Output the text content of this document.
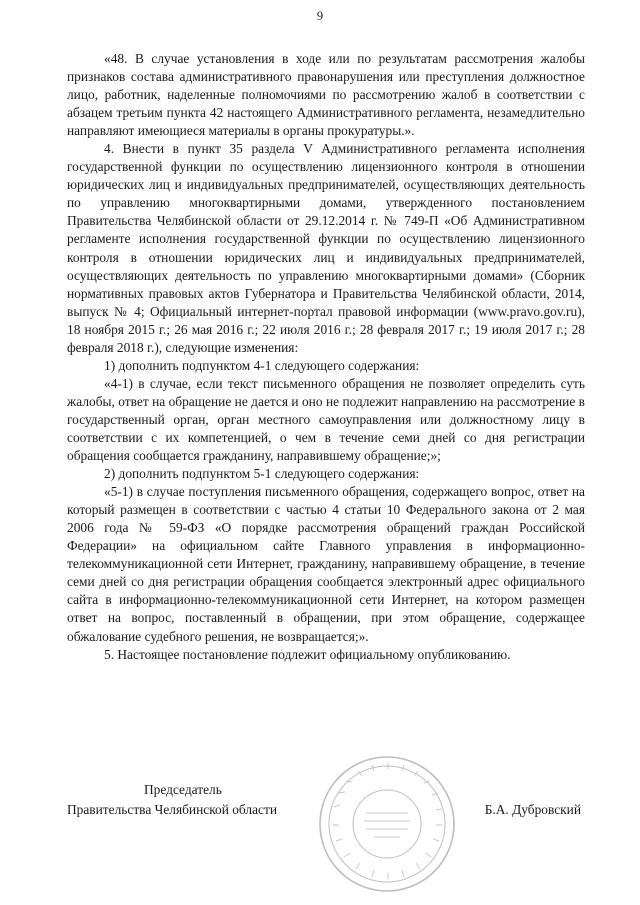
9

«48. В случае установления в ходе или по результатам рассмотрения жалобы признаков состава административного правонарушения или преступления должностное лицо, работник, наделенные полномочиями по рассмотрению жалоб в соответствии с абзацем третьим пункта 42 настоящего Административного регламента, незамедлительно направляют имеющиеся материалы в органы прокуратуры.».

4. Внести в пункт 35 раздела V Административного регламента исполнения государственной функции по осуществлению лицензионного контроля в отношении юридических лиц и индивидуальных предпринимателей, осуществляющих деятельность по управлению многоквартирными домами, утвержденного постановлением Правительства Челябинской области от 29.12.2014 г. № 749-П «Об Административном регламенте исполнения государственной функции по осуществлению лицензионного контроля в отношении юридических лиц и индивидуальных предпринимателей, осуществляющих деятельность по управлению многоквартирными домами» (Сборник нормативных правовых актов Губернатора и Правительства Челябинской области, 2014, выпуск № 4; Официальный интернет-портал правовой информации (www.pravo.gov.ru), 18 ноября 2015 г.; 26 мая 2016 г.; 22 июля 2016 г.; 28 февраля 2017 г.; 19 июля 2017 г.; 28 февраля 2018 г.), следующие изменения:

1) дополнить подпунктом 4-1 следующего содержания:

«4-1) в случае, если текст письменного обращения не позволяет определить суть жалобы, ответ на обращение не дается и оно не подлежит направлению на рассмотрение в государственный орган, орган местного самоуправления или должностному лицу в соответствии с их компетенцией, о чем в течение семи дней со дня регистрации обращения сообщается гражданину, направившему обращение;»;

2) дополнить подпунктом 5-1 следующего содержания:

«5-1) в случае поступления письменного обращения, содержащего вопрос, ответ на который размещен в соответствии с частью 4 статьи 10 Федерального закона от 2 мая 2006 года № 59-ФЗ «О порядке рассмотрения обращений граждан Российской Федерации» на официальном сайте Главного управления в информационно-телекоммуникационной сети Интернет, гражданину, направившему обращение, в течение семи дней со дня регистрации обращения сообщается электронный адрес официального сайта в информационно-телекоммуникационной сети Интернет, на котором размещен ответ на вопрос, поставленный в обращении, при этом обращение, содержащее обжалование судебного решения, не возвращается;».

5. Настоящее постановление подлежит официальному опубликованию.

Председатель
Правительства Челябинской области	Б.А. Дубровский
